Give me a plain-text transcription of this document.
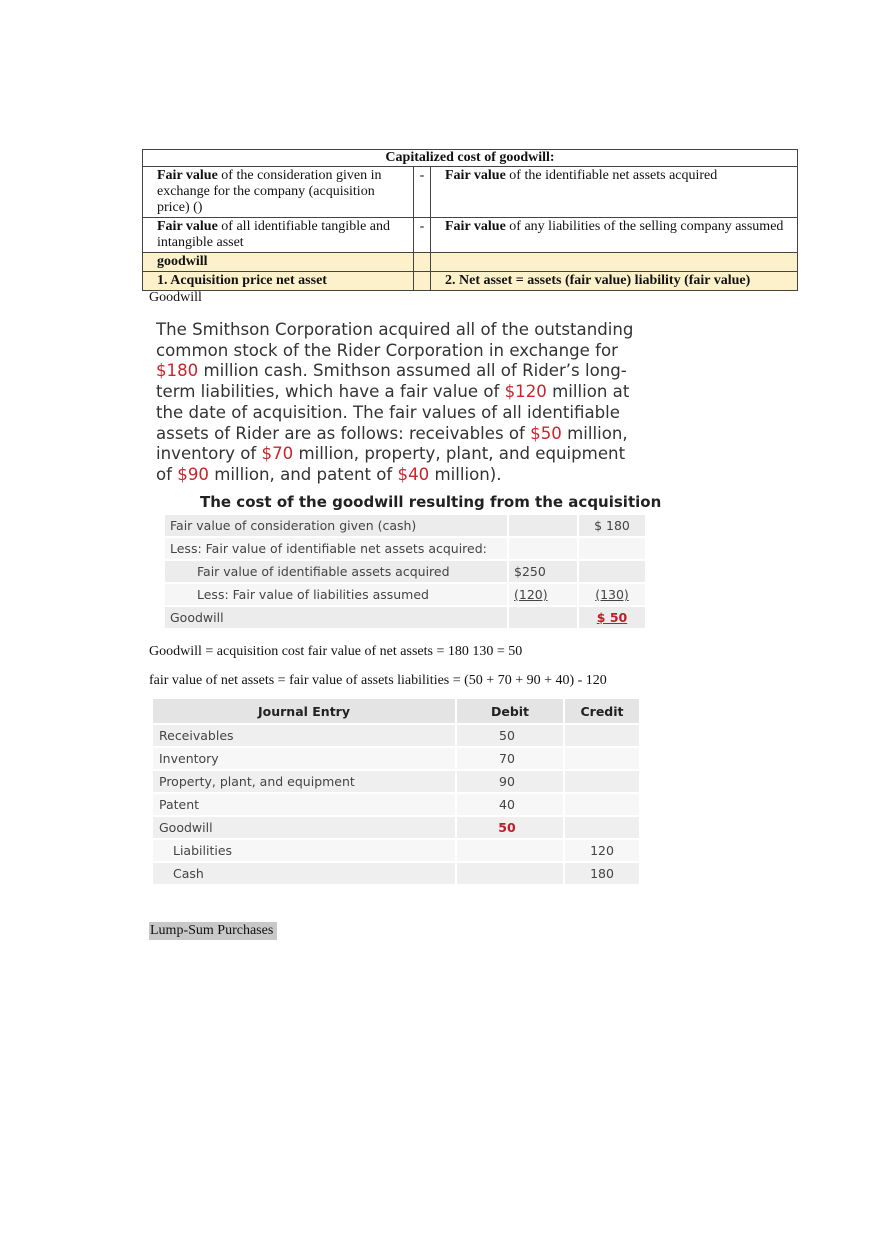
Capitalized cost of goodwill:		
Fair value of the consideration given in exchange for the company (acquisition price) ()	-	Fair value of the identifiable net assets acquired
Fair value of all identifiable tangible and intangible asset	-	Fair value of any liabilities of the selling company assumed
goodwill		
1. Acquisition price net asset		2. Net asset = assets (fair value) liability (fair value)
Goodwill
The Smithson Corporation acquired all of the outstanding common stock of the Rider Corporation in exchange for $180 million cash. Smithson assumed all of Rider’s long-term liabilities, which have a fair value of $120 million at the date of acquisition. The fair values of all identifiable assets of Rider are as follows: receivables of $50 million, inventory of $70 million, property, plant, and equipment of $90 million, and patent of $40 million).
The cost of the goodwill resulting from the acquisition
Fair value of consideration given (cash)		$ 180
Less: Fair value of identifiable net assets acquired:		
Fair value of identifiable assets acquired	$250	
Less: Fair value of liabilities assumed	(120)	(130)
Goodwill		$ 50
Goodwill = acquisition cost fair value of net assets = 180 130 = 50
fair value of net assets = fair value of assets liabilities = (50 + 70 + 90 + 40) - 120
Journal Entry	Debit	Credit
Receivables	50	
Inventory	70	
Property, plant, and equipment	90	
Patent	40	
Goodwill	50	
Liabilities		120
Cash		180
Lump-Sum Purchases
